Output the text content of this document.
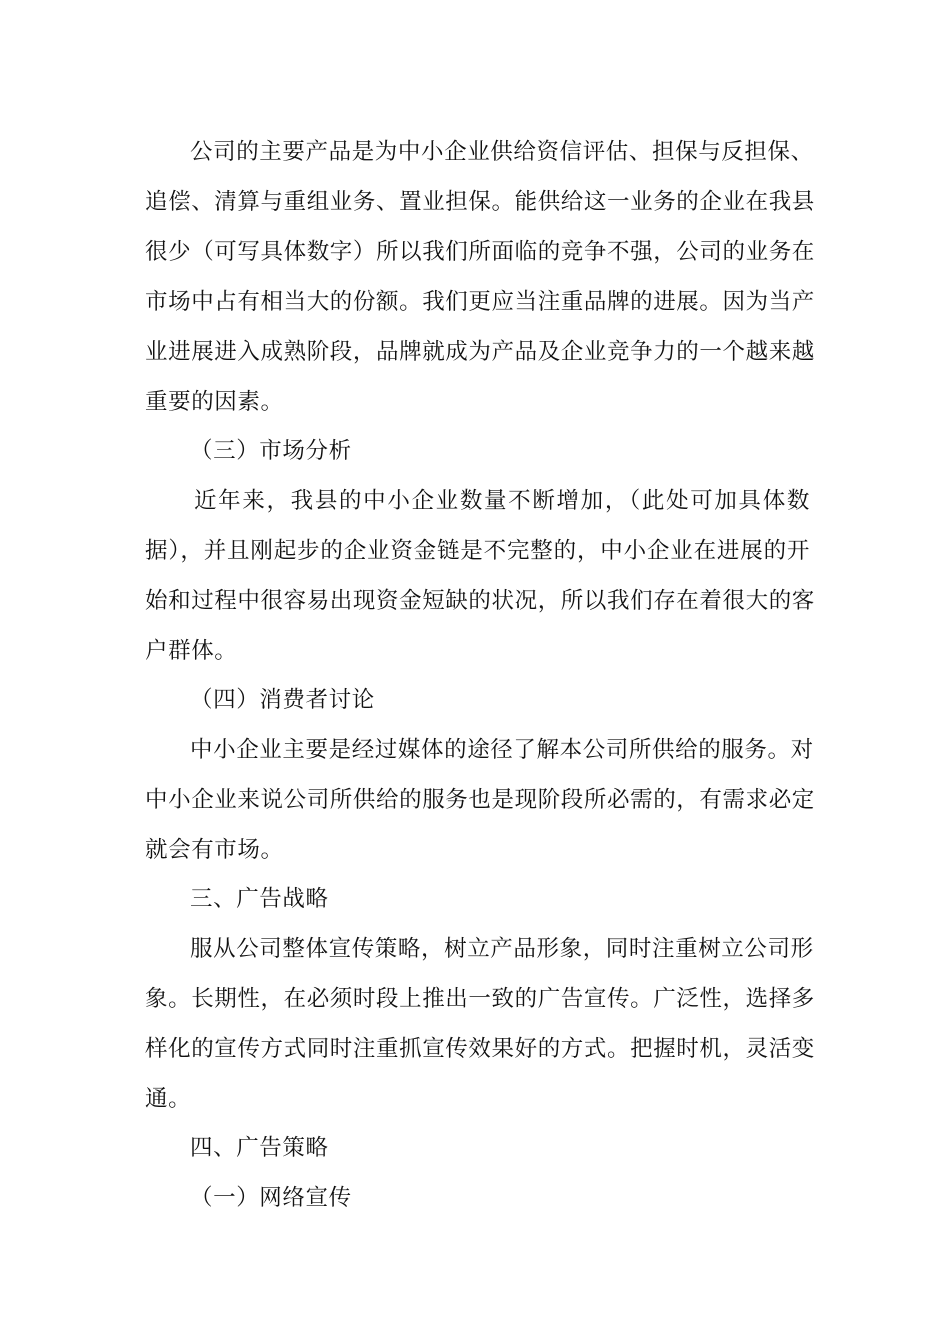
公司的主要产品是为中小企业供给资信评估、担保与反担保、
追偿、清算与重组业务、置业担保。能供给这一业务的企业在我县
很少（可写具体数字）所以我们所面临的竞争不强，公司的业务在
市场中占有相当大的份额。我们更应当注重品牌的进展。因为当产
业进展进入成熟阶段，品牌就成为产品及企业竞争力的一个越来越
重要的因素。
（三）市场分析
近年来，我县的中小企业数量不断增加，（此处可加具体数
据），并且刚起步的企业资金链是不完整的，中小企业在进展的开
始和过程中很容易出现资金短缺的状况，所以我们存在着很大的客
户群体。
（四）消费者讨论
中小企业主要是经过媒体的途径了解本公司所供给的服务。对
中小企业来说公司所供给的服务也是现阶段所必需的，有需求必定
就会有市场。
三、广告战略
服从公司整体宣传策略，树立产品形象，同时注重树立公司形
象。长期性，在必须时段上推出一致的广告宣传。广泛性，选择多
样化的宣传方式同时注重抓宣传效果好的方式。把握时机，灵活变
通。
四、广告策略
（一）网络宣传
